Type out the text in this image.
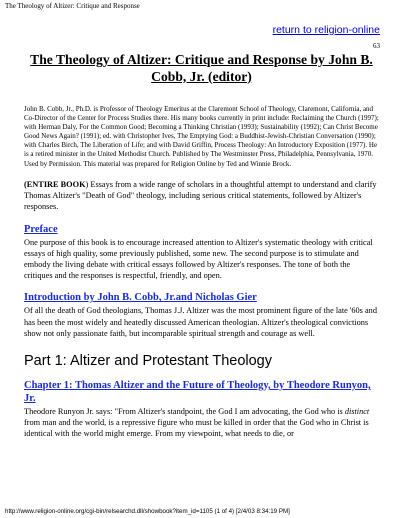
The Theology of Altizer: Critique and Response
return to religion-online
63
The Theology of Altizer: Critique and Response by John B. Cobb, Jr. (editor)

John B. Cobb, Jr., Ph.D. is Professor of Theology Emeritus at the Claremont School of Theology, Claremont, California, and Co-Director of the Center for Process Studies there. His many books currently in print include: Reclaiming the Church (1997); with Herman Daly, For the Common Good; Becoming a Thinking Christian (1993); Sustainability (1992); Can Christ Become Good News Again? (1991); ed. with Christopher Ives, The Emptying God: a Buddhist-Jewish-Christian Conversation (1990); with Charles Birch, The Liberation of Life; and with David Griffin, Process Theology: An Introductory Exposition (1977). He is a retired minister in the United Methodist Church. Published by The Westminster Press, Philadelphia, Pennsylvania, 1970. Used by Permission. This material was prepared for Religion Online by Ted and Winnie Brock.

(ENTIRE BOOK) Essays from a wide range of scholars in a thoughtful attempt to understand and clarify Thomas Altizer's "Death of God" theology, including serious critical statements, followed by Altizer's responses.

Preface

One purpose of this book is to encourage increased attention to Altizer's systematic theology with critical essays of high quality, some previously published, some new. The second purpose is to stimulate and embody the living debate with critical essays followed by Altizer's responses. The tone of both the critiques and the responses is respectful, friendly, and open.

Introduction by John B. Cobb, Jr.and Nicholas Gier

Of all the death of God theologians, Thomas J.J. Altizer was the most prominent figure of the late '60s and has been the most widely and heatedly discussed American theologian. Altizer's theological convictions show not only passionate faith, but incomparable spiritual strength and courage as well.

Part 1: Altizer and Protestant Theology
Chapter 1: Thomas Altizer and the Future of Theology, by Theodore Runyon, Jr.

Theodore Runyon Jr. says: "From Altizer's standpoint, the God I am advocating, the God who is distinct from man and the world, is a repressive figure who must be killed in order that the God who in Christ is identical with the world might emerge. From my viewpoint, what needs to die, or

http://www.religion-online.org/cgi-bin/relsearchd.dll/showbook?item_id=1105 (1 of 4) [2/4/03 8:34:19 PM]
